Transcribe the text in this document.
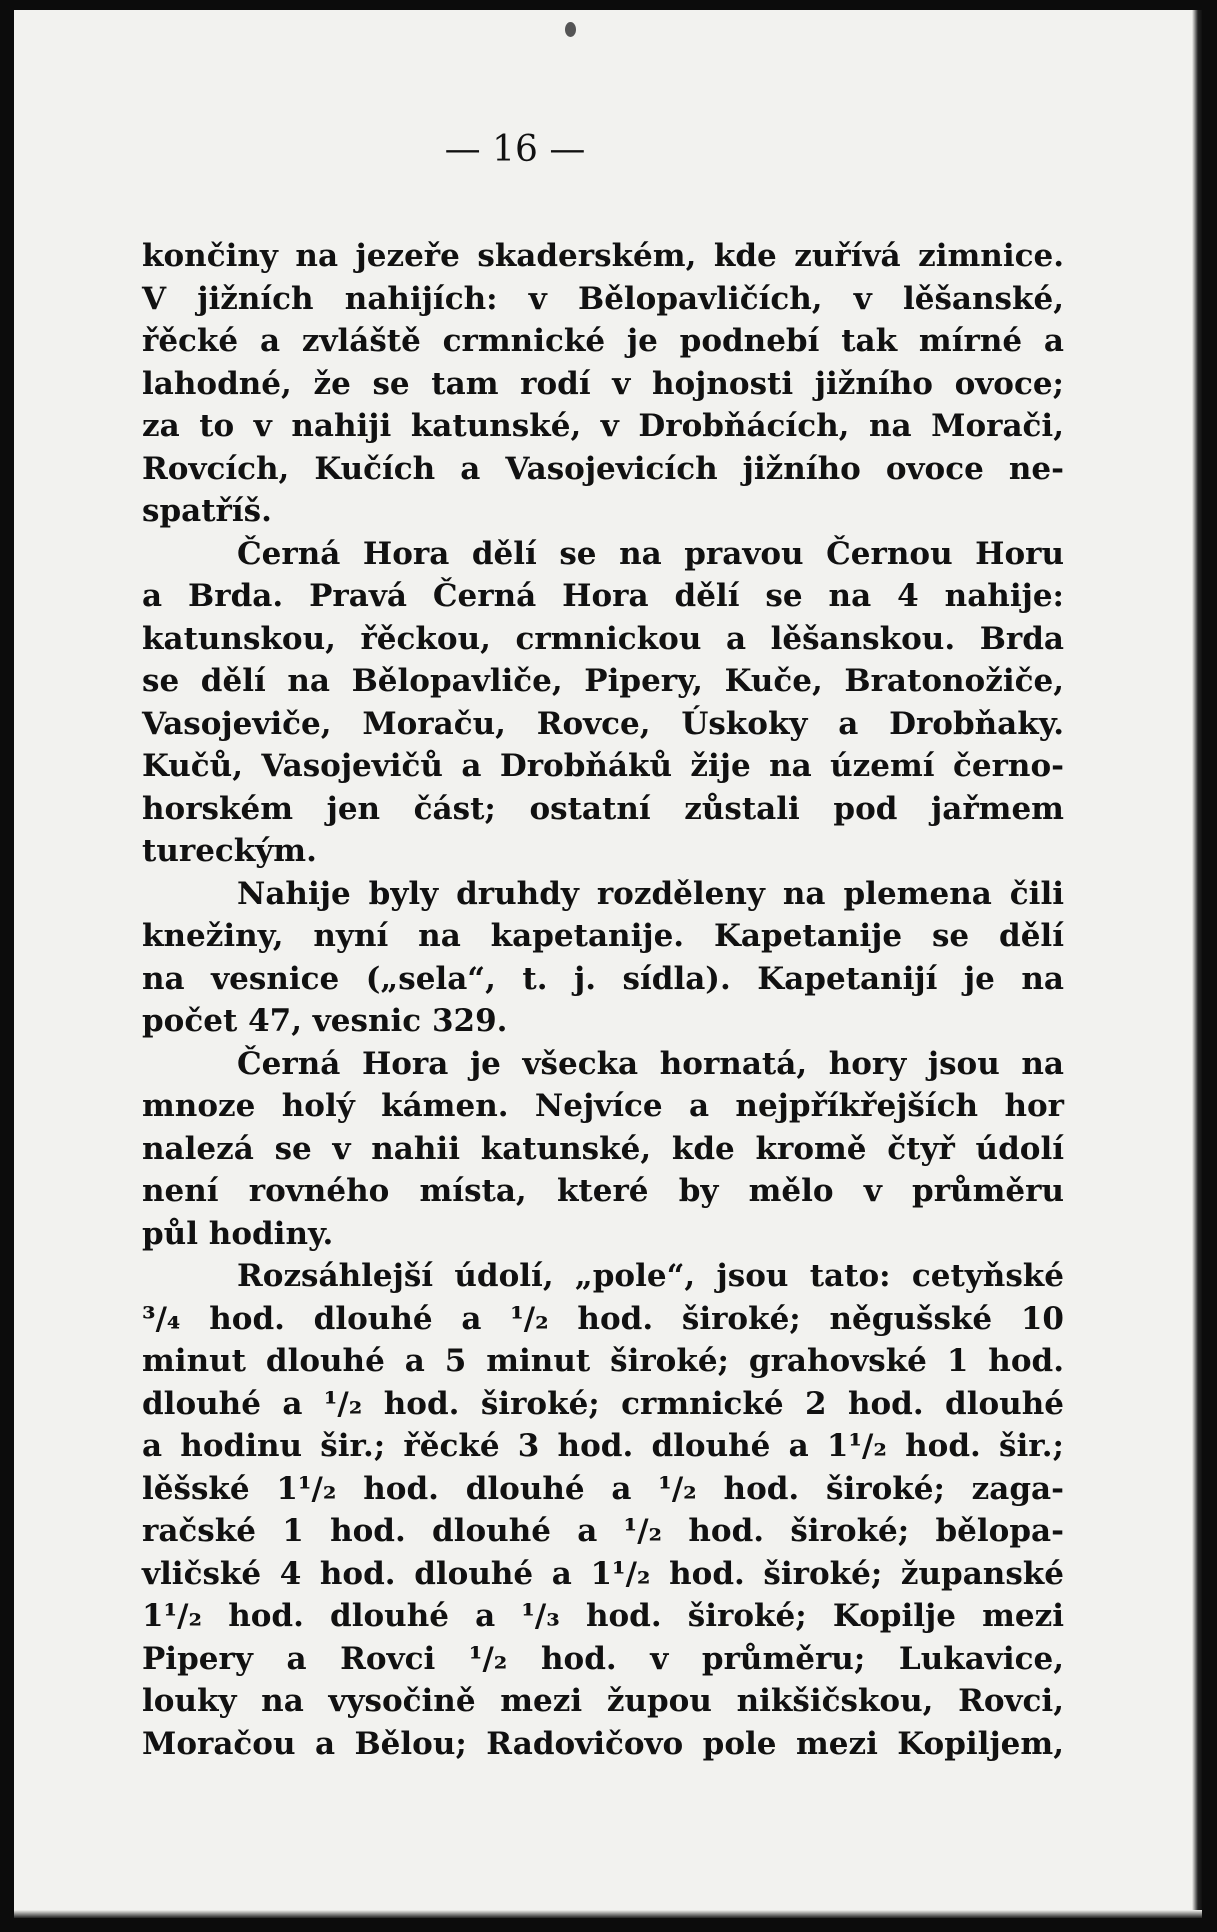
— 16 —
končiny na jezeře skaderském, kde zuřívá zimnice.
V jižních nahijích: v Bělopavličích, v lěšanské,
řěcké a zvláště crmnické je podnebí tak mírné a
lahodné, že se tam rodí v hojnosti jižního ovoce;
za to v nahiji katunské, v Drobňácích, na Morači,
Rovcích, Kučích a Vasojevicích jižního ovoce ne-
spatříš.
Černá Hora dělí se na pravou Černou Horu
a Brda. Pravá Černá Hora dělí se na 4 nahije:
katunskou, řěckou, crmnickou a lěšanskou. Brda
se dělí na Bělopavliče, Pipery, Kuče, Bratonožiče,
Vasojeviče, Moraču, Rovce, Úskoky a Drobňaky.
Kučů, Vasojevičů a Drobňáků žije na území černo-
horském jen část; ostatní zůstali pod jařmem
tureckým.
Nahije byly druhdy rozděleny na plemena čili
knežiny, nyní na kapetanije. Kapetanije se dělí
na vesnice („sela“, t. j. sídla). Kapetanijí je na
počet 47, vesnic 329.
Černá Hora je všecka hornatá, hory jsou na
mnoze holý kámen. Nejvíce a nejpříkřejších hor
nalezá se v nahii katunské, kde kromě čtyř údolí
není rovného místa, které by mělo v průměru
půl hodiny.
Rozsáhlejší údolí, „pole“, jsou tato: cetyňské
³/₄ hod. dlouhé a ¹/₂ hod. široké; něgušské 10
minut dlouhé a 5 minut široké; grahovské 1 hod.
dlouhé a ¹/₂ hod. široké; crmnické 2 hod. dlouhé
a hodinu šir.; řěcké 3 hod. dlouhé a 1¹/₂ hod. šir.;
lěšské 1¹/₂ hod. dlouhé a ¹/₂ hod. široké; zaga-
račské 1 hod. dlouhé a ¹/₂ hod. široké; bělopa-
vličské 4 hod. dlouhé a 1¹/₂ hod. široké; županské
1¹/₂ hod. dlouhé a ¹/₃ hod. široké; Kopilje mezi
Pipery a Rovci ¹/₂ hod. v průměru; Lukavice,
louky na vysočině mezi župou nikšičskou, Rovci,
Moračou a Bělou; Radovičovo pole mezi Kopiljem,
